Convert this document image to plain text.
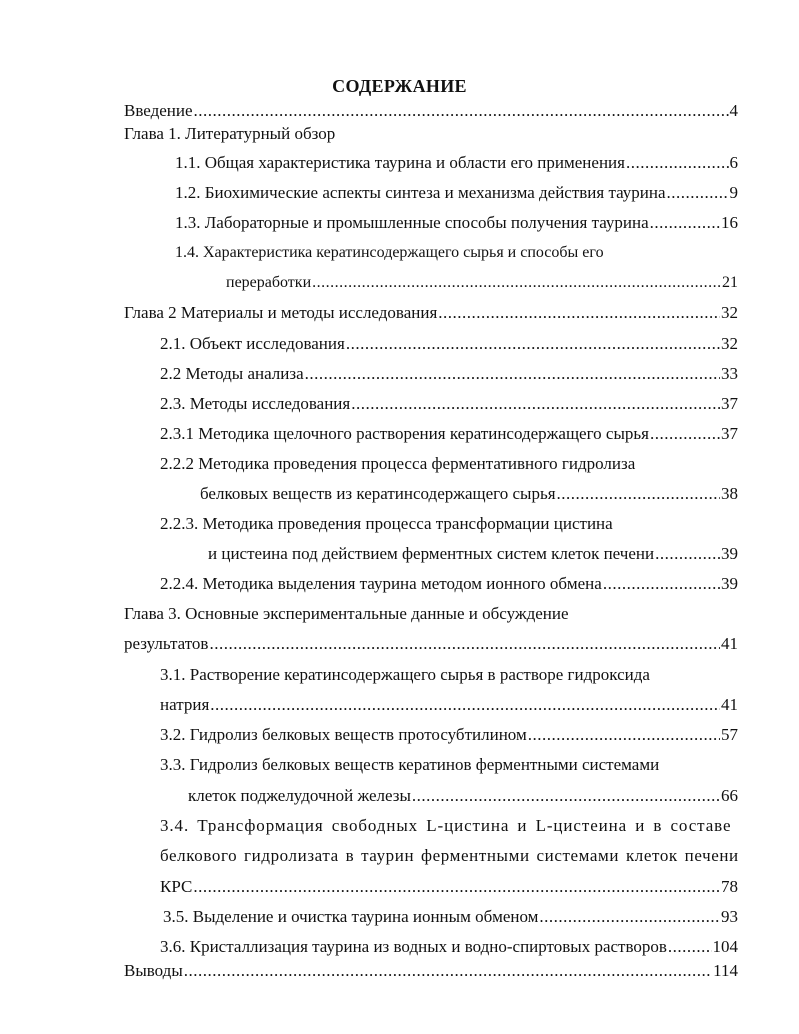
СОДЕРЖАНИЕ
Введение .....	4
Глава 1. Литературный обзор
1.1. Общая характеристика таурина и области его применения .....	6
1.2. Биохимические аспекты синтеза и механизма действия таурина .....	9
1.3. Лабораторные и промышленные способы получения таурина .....	16
1.4. Характеристика кератинсодержащего сырья и способы его
переработки .....	21
Глава 2 Материалы и методы исследования .....	32
2.1. Объект исследования .....	32
2.2 Методы анализа .....	33
2.3. Методы исследования .....	37
2.3.1 Методика щелочного растворения кератинсодержащего сырья .....	37
2.2.2 Методика проведения процесса ферментативного гидролиза
белковых веществ из кератинсодержащего сырья .....	38
2.2.3. Методика проведения процесса трансформации цистина
и цистеина под действием ферментных систем клеток печени .....	39
2.2.4. Методика выделения таурина методом ионного обмена .....	39
Глава 3. Основные экспериментальные данные и обсуждение
результатов .....	41
3.1. Растворение кератинсодержащего сырья в растворе гидроксида
натрия .....	41
3.2. Гидролиз белковых веществ протосубтилином .....	57
3.3. Гидролиз белковых веществ кератинов ферментными системами
клеток поджелудочной железы .....	66
3.4. Трансформация свободных L-цистина и L-цистеина и в составе
белкового гидролизата в таурин ферментными системами клеток печени
КРС .....	78
3.5. Выделение и очистка таурина ионным обменом .....	93
3.6. Кристаллизация таурина из водных и водно-спиртовых растворов .....	104
Выводы .....	114
